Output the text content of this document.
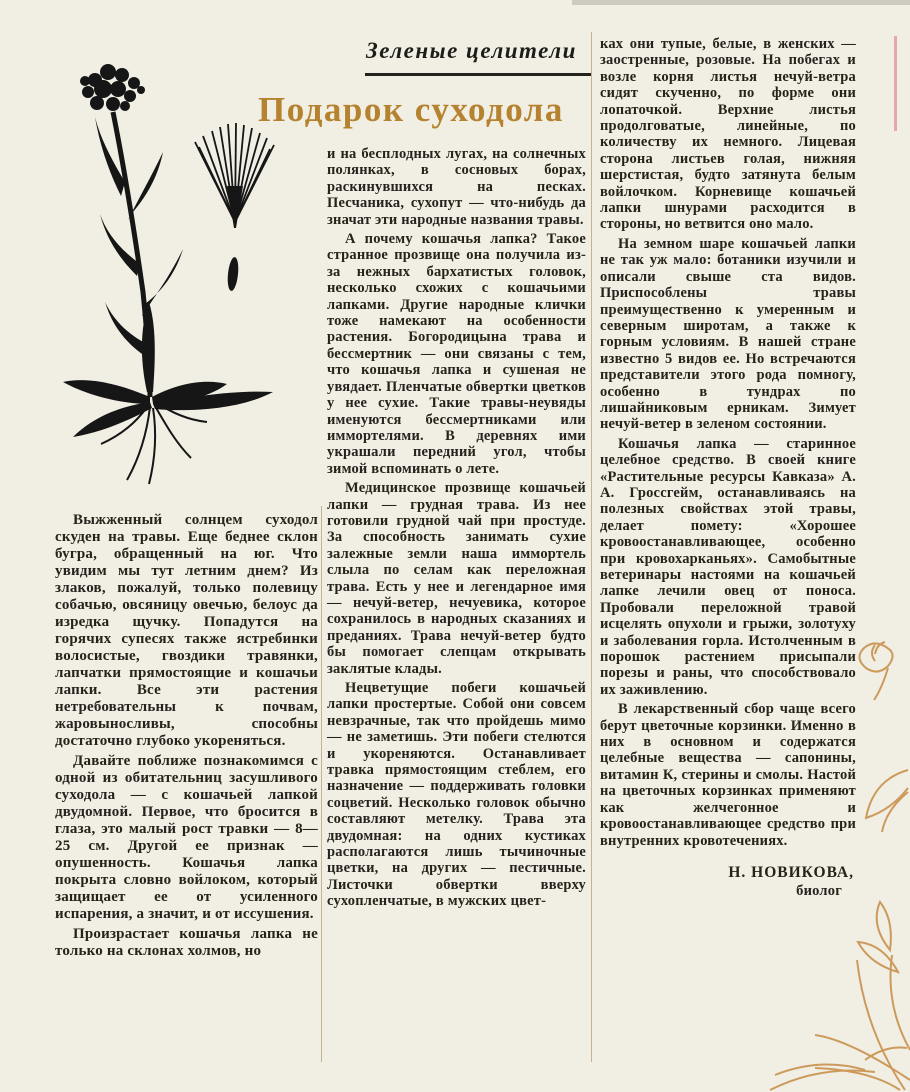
Зеленые целители
Подарок суходола

Выжженный солнцем суходол скуден на травы. Еще беднее склон бугра, обращенный на юг. Что увидим мы тут летним днем? Из злаков, пожалуй, только полевицу собачью, овсяницу овечью, белоус да изредка щучку. Попадутся на горячих супесях также ястребинки волосистые, гвоздики травянки, лапчатки прямостоящие и кошачьи лапки. Все эти растения нетребовательны к почвам, жаровыносливы, способны достаточно глубоко укореняться.

Давайте поближе познакомимся с одной из обитательниц засушливого суходола — с кошачьей лапкой двудомной. Первое, что бросится в глаза, это малый рост травки — 8—25 см. Другой ее признак — опушенность. Кошачья лапка покрыта словно войлоком, который защищает ее от усиленного испарения, а значит, и от иссушения.

Произрастает кошачья лапка не только на склонах холмов, но

и на бесплодных лугах, на солнечных полянках, в сосновых борах, раскинувшихся на песках. Песчаника, сухопут — что-нибудь да значат эти народные названия травы.

А почему кошачья лапка? Такое странное прозвище она получила из-за нежных бархатистых головок, несколько схожих с кошачьими лапками. Другие народные клички тоже намекают на особенности растения. Богородицына трава и бессмертник — они связаны с тем, что кошачья лапка и сушеная не увядает. Пленчатые обвертки цветков у нее сухие. Такие травы-неувяды именуются бессмертниками или иммортелями. В деревнях ими украшали передний угол, чтобы зимой вспоминать о лете.

Медицинское прозвище кошачьей лапки — грудная трава. Из нее готовили грудной чай при простуде. За способность занимать сухие залежные земли наша иммортель слыла по селам как переложная трава. Есть у нее и легендарное имя — нечуй-ветер, нечуевика, которое сохранилось в народных сказаниях и преданиях. Трава нечуй-ветер будто бы помогает слепцам открывать заклятые клады.

Нецветущие побеги кошачьей лапки простертые. Собой они совсем невзрачные, так что пройдешь мимо — не заметишь. Эти побеги стелются и укореняются. Останавливает травка прямостоящим стеблем, его назначение — поддерживать головки соцветий. Несколько головок обычно составляют метелку. Трава эта двудомная: на одних кустиках располагаются лишь тычиночные цветки, на других — пестичные. Листочки обвертки вверху сухопленчатые, в мужских цвет-

ках они тупые, белые, в женских — заостренные, розовые. На побегах и возле корня листья нечуй-ветра сидят скученно, по форме они лопаточкой. Верхние листья продолговатые, линейные, по количеству их немного. Лицевая сторона листьев голая, нижняя шерстистая, будто затянута белым войлочком. Корневище кошачьей лапки шнурами расходится в стороны, но ветвится оно мало.

На земном шаре кошачьей лапки не так уж мало: ботаники изучили и описали свыше ста видов. Приспособлены травы преимущественно к умеренным и северным широтам, а также к горным условиям. В нашей стране известно 5 видов ее. Но встречаются представители этого рода помногу, особенно в тундрах по лишайниковым ерникам. Зимует нечуй-ветер в зеленом состоянии.

Кошачья лапка — старинное целебное средство. В своей книге «Растительные ресурсы Кавказа» А. А. Гроссгейм, останавливаясь на полезных свойствах этой травы, делает помету: «Хорошее кровоостанавливающее, особенно при кровохарканьях». Самобытные ветеринары настоями на кошачьей лапке лечили овец от поноса. Пробовали переложной травой исцелять опухоли и грыжи, золотуху и заболевания горла. Истолченным в порошок растением присыпали порезы и раны, что способствовало их заживлению.

В лекарственный сбор чаще всего берут цветочные корзинки. Именно в них в основном и содержатся целебные вещества — сапонины, витамин К, стерины и смолы. Настой на цветочных корзинках применяют как желчегонное и кровоостанавливающее средство при внутренних кровотечениях.

Н. НОВИКОВА,
биолог
